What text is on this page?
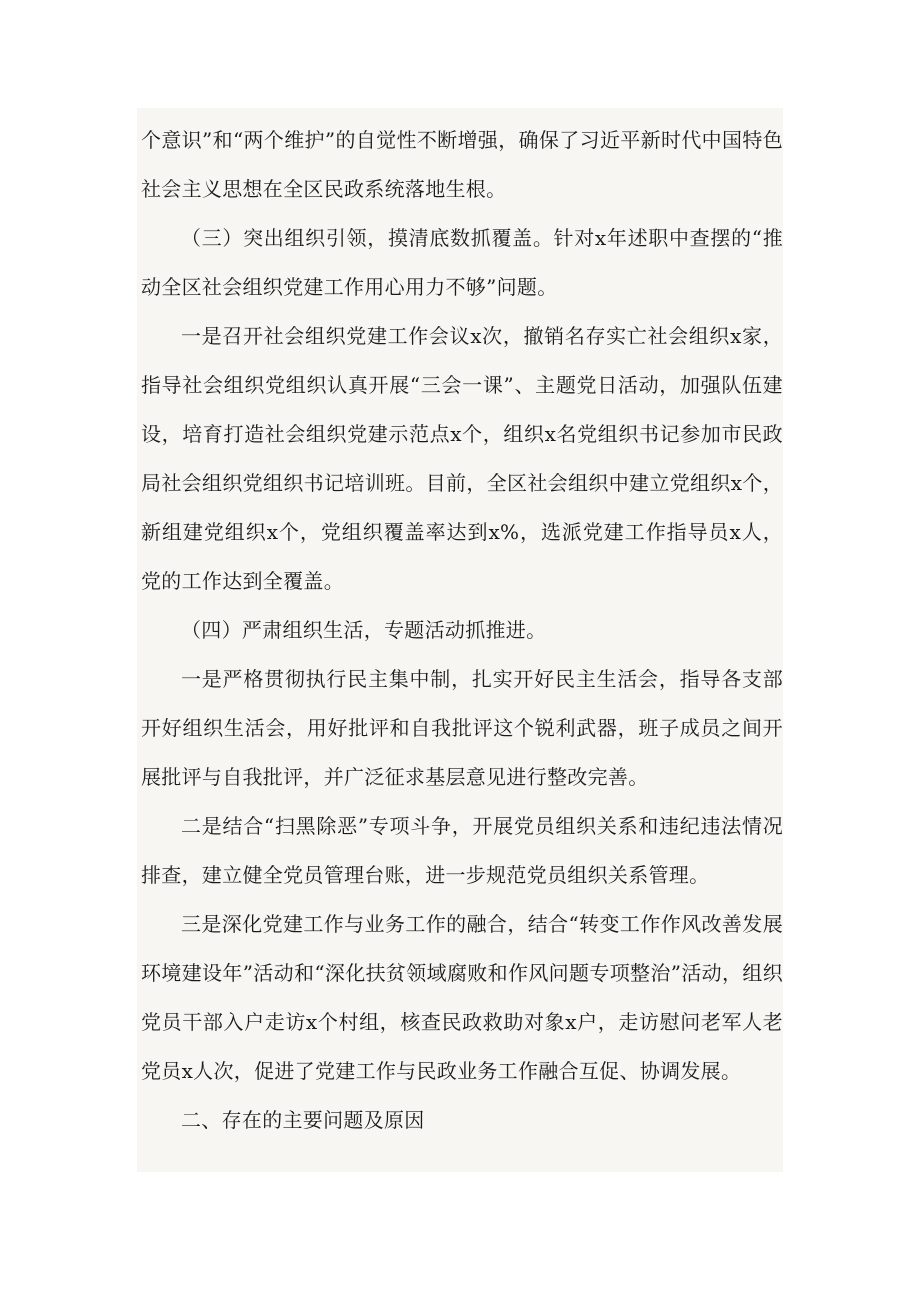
个意识”和“两个维护”的自觉性不断增强，确保了习近平新时代中国特色社会主义思想在全区民政系统落地生根。

（三）突出组织引领，摸清底数抓覆盖。针对x年述职中查摆的“推动全区社会组织党建工作用心用力不够”问题。

一是召开社会组织党建工作会议x次，撤销名存实亡社会组织x家，指导社会组织党组织认真开展“三会一课”、主题党日活动，加强队伍建设，培育打造社会组织党建示范点x个，组织x名党组织书记参加市民政局社会组织党组织书记培训班。目前，全区社会组织中建立党组织x个，新组建党组织x个，党组织覆盖率达到x%，选派党建工作指导员x人，党的工作达到全覆盖。

（四）严肃组织生活，专题活动抓推进。

一是严格贯彻执行民主集中制，扎实开好民主生活会，指导各支部开好组织生活会，用好批评和自我批评这个锐利武器，班子成员之间开展批评与自我批评，并广泛征求基层意见进行整改完善。

二是结合“扫黑除恶”专项斗争，开展党员组织关系和违纪违法情况排查，建立健全党员管理台账，进一步规范党员组织关系管理。

三是深化党建工作与业务工作的融合，结合“转变工作作风改善发展环境建设年”活动和“深化扶贫领域腐败和作风问题专项整治”活动，组织党员干部入户走访x个村组，核查民政救助对象x户，走访慰问老军人老党员x人次，促进了党建工作与民政业务工作融合互促、协调发展。

二、存在的主要问题及原因
